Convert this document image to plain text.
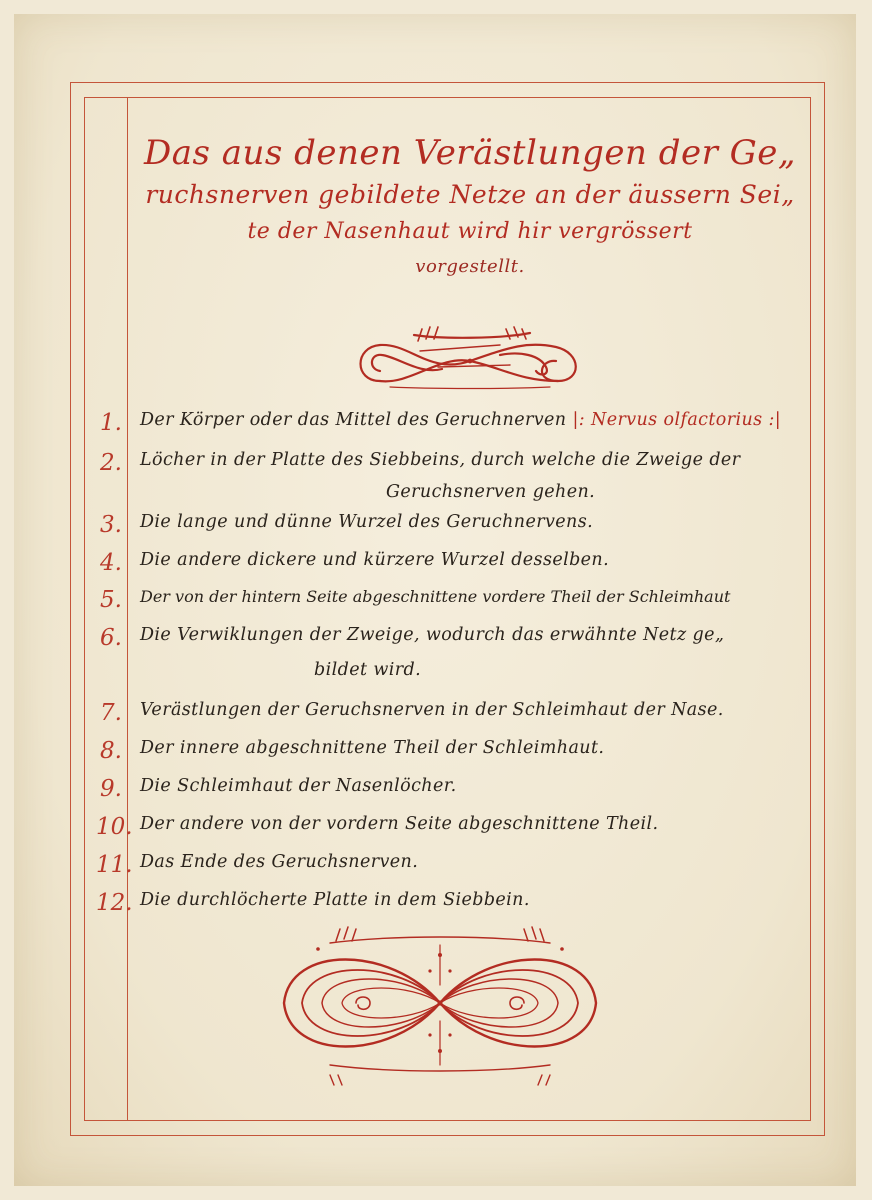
Das aus denen Verästlungen der Ge„
ruchsnerven gebildete Netze an der äussern Sei„
te der Nasenhaut wird hir vergrössert
vorgestellt.
1. Der Körper oder das Mittel des Geruchnerven |: Nervus olfactorius :|
2. Löcher in der Platte des Siebbeins, durch welche die Zweige der
Geruchsnerven gehen.
3. Die lange und dünne Wurzel des Geruchnervens.
4. Die andere dickere und kürzere Wurzel desselben.
5. Der von der hintern Seite abgeschnittene vordere Theil der Schleimhaut
6. Die Verwiklungen der Zweige, wodurch das erwähnte Netz ge„
bildet wird.
7. Verästlungen der Geruchsnerven in der Schleimhaut der Nase.
8. Der innere abgeschnittene Theil der Schleimhaut.
9. Die Schleimhaut der Nasenlöcher.
10. Der andere von der vordern Seite abgeschnittene Theil.
11. Das Ende des Geruchsnerven.
12. Die durchlöcherte Platte in dem Siebbein.
